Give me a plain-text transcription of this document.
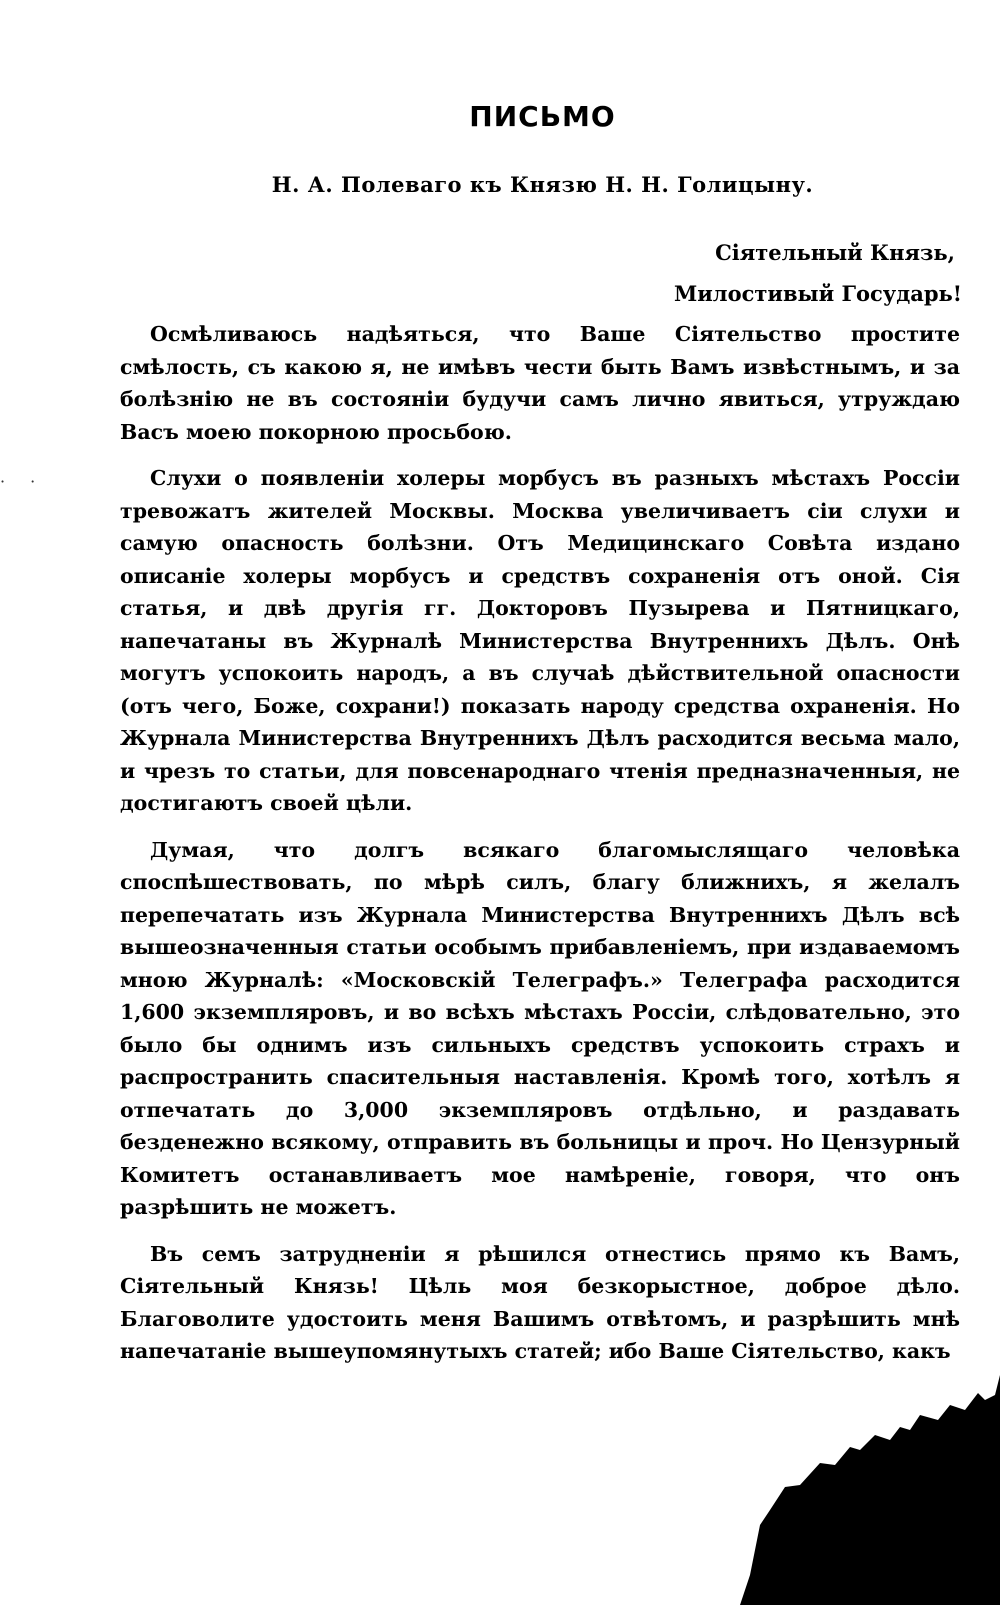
· ·
ПИСЬМО
Н. А. Полеваго къ Князю Н. Н. Голицыну.
Сіятельный Князь,
Милостивый Государь!

Осмѣливаюсь надѣяться, что Ваше Сіятельство простите смѣлость, съ какою я, не имѣвъ чести быть Вамъ извѣстнымъ, и за болѣзнію не въ состояніи будучи самъ лично явиться, утруждаю Васъ моею покорною просьбою.

Слухи о появленіи холеры морбусъ въ разныхъ мѣстахъ Россіи тревожатъ жителей Москвы. Москва увеличиваетъ сіи слухи и самую опасность болѣзни. Отъ Медицинскаго Совѣта издано описаніе холеры морбусъ и средствъ сохраненія отъ оной. Сія статья, и двѣ другія гг. Докторовъ Пузырева и Пятницкаго, напечатаны въ Журналѣ Министерства Внутреннихъ Дѣлъ. Онѣ могутъ успокоить народъ, а въ случаѣ дѣйствительной опасности (отъ чего, Боже, сохрани!) показать народу средства охраненія. Но Журнала Министерства Внутреннихъ Дѣлъ расходится весьма мало, и чрезъ то статьи, для повсенароднаго чтенія предназначенныя, не достигаютъ своей цѣли.

Думая, что долгъ всякаго благомыслящаго человѣка споспѣшествовать, по мѣрѣ силъ, благу ближнихъ, я желалъ перепечатать изъ Журнала Министерства Внутреннихъ Дѣлъ всѣ вышеозначенныя статьи особымъ прибавленіемъ, при издаваемомъ мною Журналѣ: «Московскій Телеграфъ.» Телеграфа расходится 1,600 экземпляровъ, и во всѣхъ мѣстахъ Россіи, слѣдовательно, это было бы однимъ изъ сильныхъ средствъ успокоить страхъ и распространить спасительныя наставленія. Кромѣ того, хотѣлъ я отпечатать до 3,000 экземпляровъ отдѣльно, и раздавать безденежно всякому, отправить въ больницы и проч. Но Цензурный Комитетъ останавливаетъ мое намѣреніе, говоря, что онъ разрѣшить не можетъ.

Въ семъ затрудненіи я рѣшился отнестись прямо къ Вамъ, Сіятельный Князь! Цѣль моя безкорыстное, доброе дѣло. Благоволите удостоить меня Вашимъ отвѣтомъ, и разрѣшить мнѣ напечатаніе вышеупомянутыхъ статей; ибо Ваше Сіятельство, какъ
